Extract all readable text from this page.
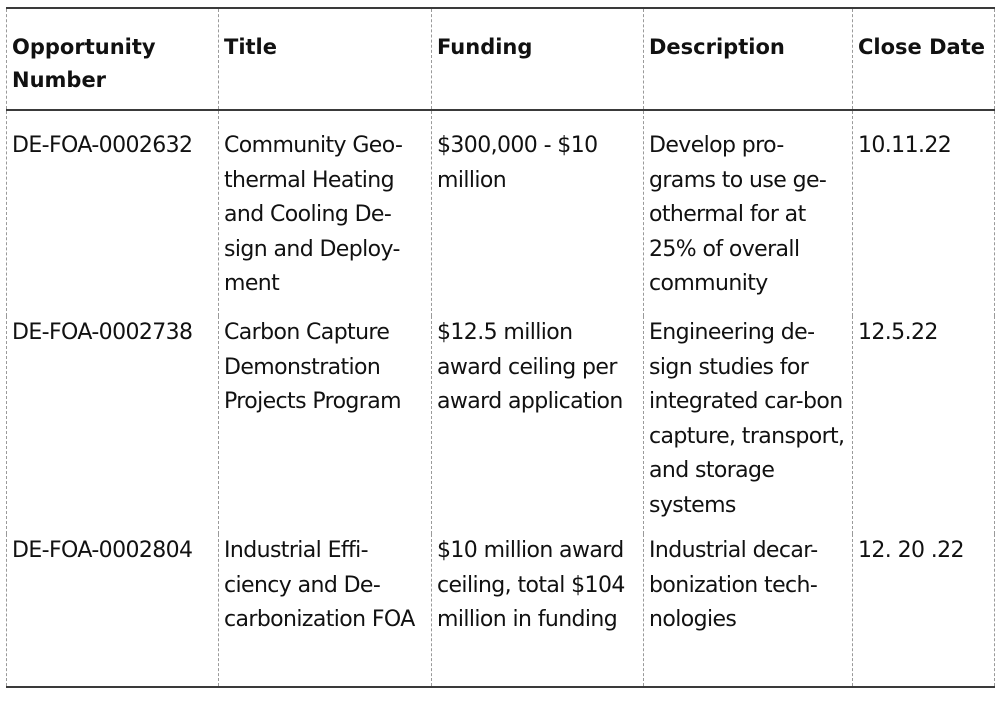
Opportunity Number	Title	Funding	Description	Close Date
DE-FOA-0002632	Community Geo-thermal Heating and Cooling De-sign and Deploy-ment	$300,000 - $10 million	Develop pro-grams to use ge-othermal for at 25% of overall community	10.11.22
DE-FOA-0002738	Carbon Capture Demonstration Projects Program	$12.5 million award ceiling per award application	Engineering de-sign studies for integrated car-bon capture, transport, and storage systems	12.5.22
DE-FOA-0002804	Industrial Effi-ciency and De-carbonization FOA	$10 million award ceiling, total $104 million in funding	Industrial decar-bonization tech-nologies	12. 20 .22
